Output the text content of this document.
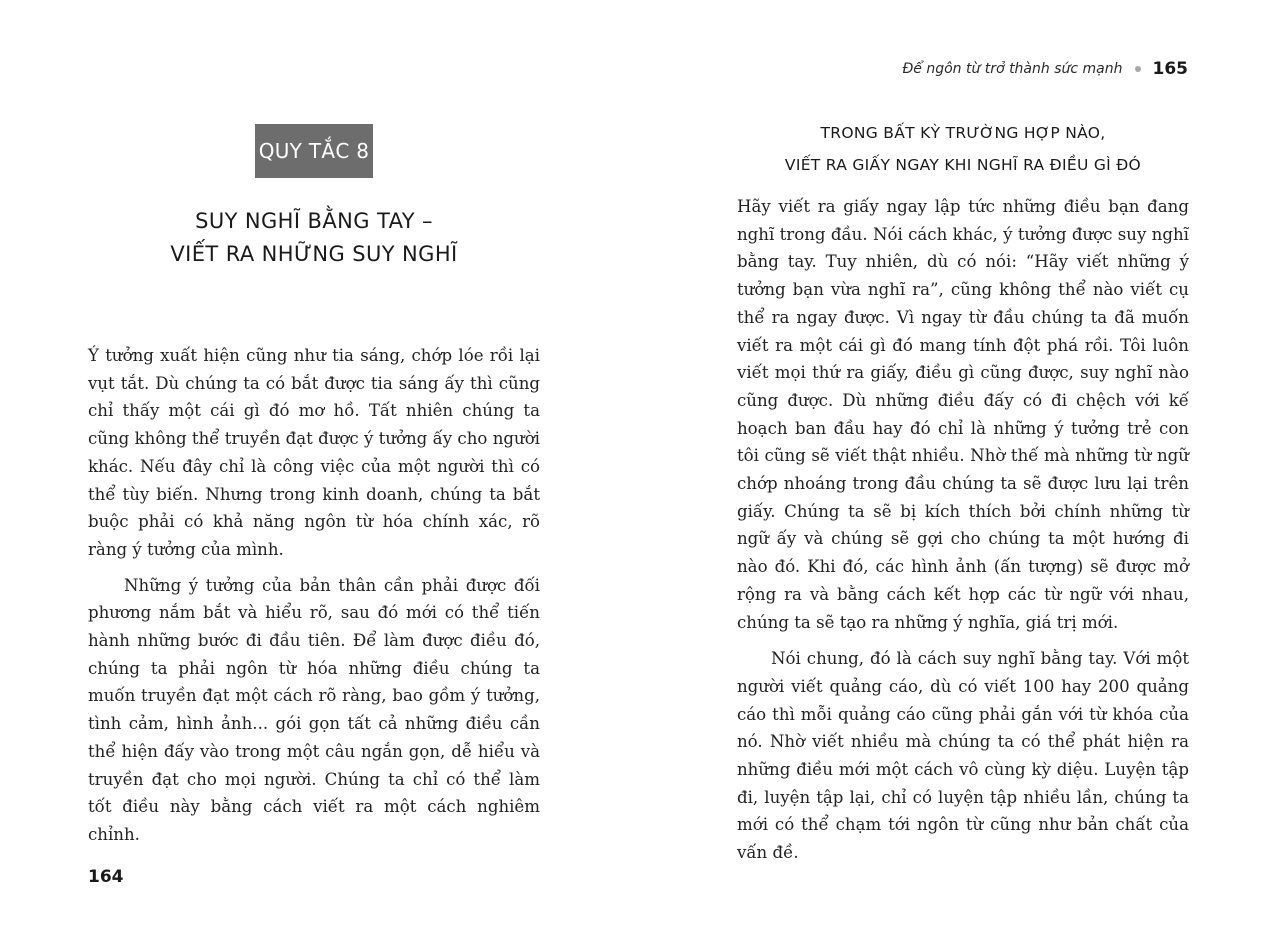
QUY TẮC 8
SUY NGHĨ BẰNG TAY –
VIẾT RA NHỮNG SUY NGHĨ

Ý tưởng xuất hiện cũng như tia sáng, chớp lóe rồi lại vụt tắt. Dù chúng ta có bắt được tia sáng ấy thì cũng chỉ thấy một cái gì đó mơ hồ. Tất nhiên chúng ta cũng không thể truyền đạt được ý tưởng ấy cho người khác. Nếu đây chỉ là công việc của một người thì có thể tùy biến. Nhưng trong kinh doanh, chúng ta bắt buộc phải có khả năng ngôn từ hóa chính xác, rõ ràng ý tưởng của mình.

Những ý tưởng của bản thân cần phải được đối phương nắm bắt và hiểu rõ, sau đó mới có thể tiến hành những bước đi đầu tiên. Để làm được điều đó, chúng ta phải ngôn từ hóa những điều chúng ta muốn truyền đạt một cách rõ ràng, bao gồm ý tưởng, tình cảm, hình ảnh... gói gọn tất cả những điều cần thể hiện đấy vào trong một câu ngắn gọn, dễ hiểu và truyền đạt cho mọi người. Chúng ta chỉ có thể làm tốt điều này bằng cách viết ra một cách nghiêm chỉnh.

164
Để ngôn từ trở thành sức mạnh 165
TRONG BẤT KỲ TRƯỜNG HỢP NÀO,
VIẾT RA GIẤY NGAY KHI NGHĨ RA ĐIỀU GÌ ĐÓ

Hãy viết ra giấy ngay lập tức những điều bạn đang nghĩ trong đầu. Nói cách khác, ý tưởng được suy nghĩ bằng tay. Tuy nhiên, dù có nói: “Hãy viết những ý tưởng bạn vừa nghĩ ra”, cũng không thể nào viết cụ thể ra ngay được. Vì ngay từ đầu chúng ta đã muốn viết ra một cái gì đó mang tính đột phá rồi. Tôi luôn viết mọi thứ ra giấy, điều gì cũng được, suy nghĩ nào cũng được. Dù những điều đấy có đi chệch với kế hoạch ban đầu hay đó chỉ là những ý tưởng trẻ con tôi cũng sẽ viết thật nhiều. Nhờ thế mà những từ ngữ chớp nhoáng trong đầu chúng ta sẽ được lưu lại trên giấy. Chúng ta sẽ bị kích thích bởi chính những từ ngữ ấy và chúng sẽ gợi cho chúng ta một hướng đi nào đó. Khi đó, các hình ảnh (ấn tượng) sẽ được mở rộng ra và bằng cách kết hợp các từ ngữ với nhau, chúng ta sẽ tạo ra những ý nghĩa, giá trị mới.

Nói chung, đó là cách suy nghĩ bằng tay. Với một người viết quảng cáo, dù có viết 100 hay 200 quảng cáo thì mỗi quảng cáo cũng phải gắn với từ khóa của nó. Nhờ viết nhiều mà chúng ta có thể phát hiện ra những điều mới một cách vô cùng kỳ diệu. Luyện tập đi, luyện tập lại, chỉ có luyện tập nhiều lần, chúng ta mới có thể chạm tới ngôn từ cũng như bản chất của vấn đề.
